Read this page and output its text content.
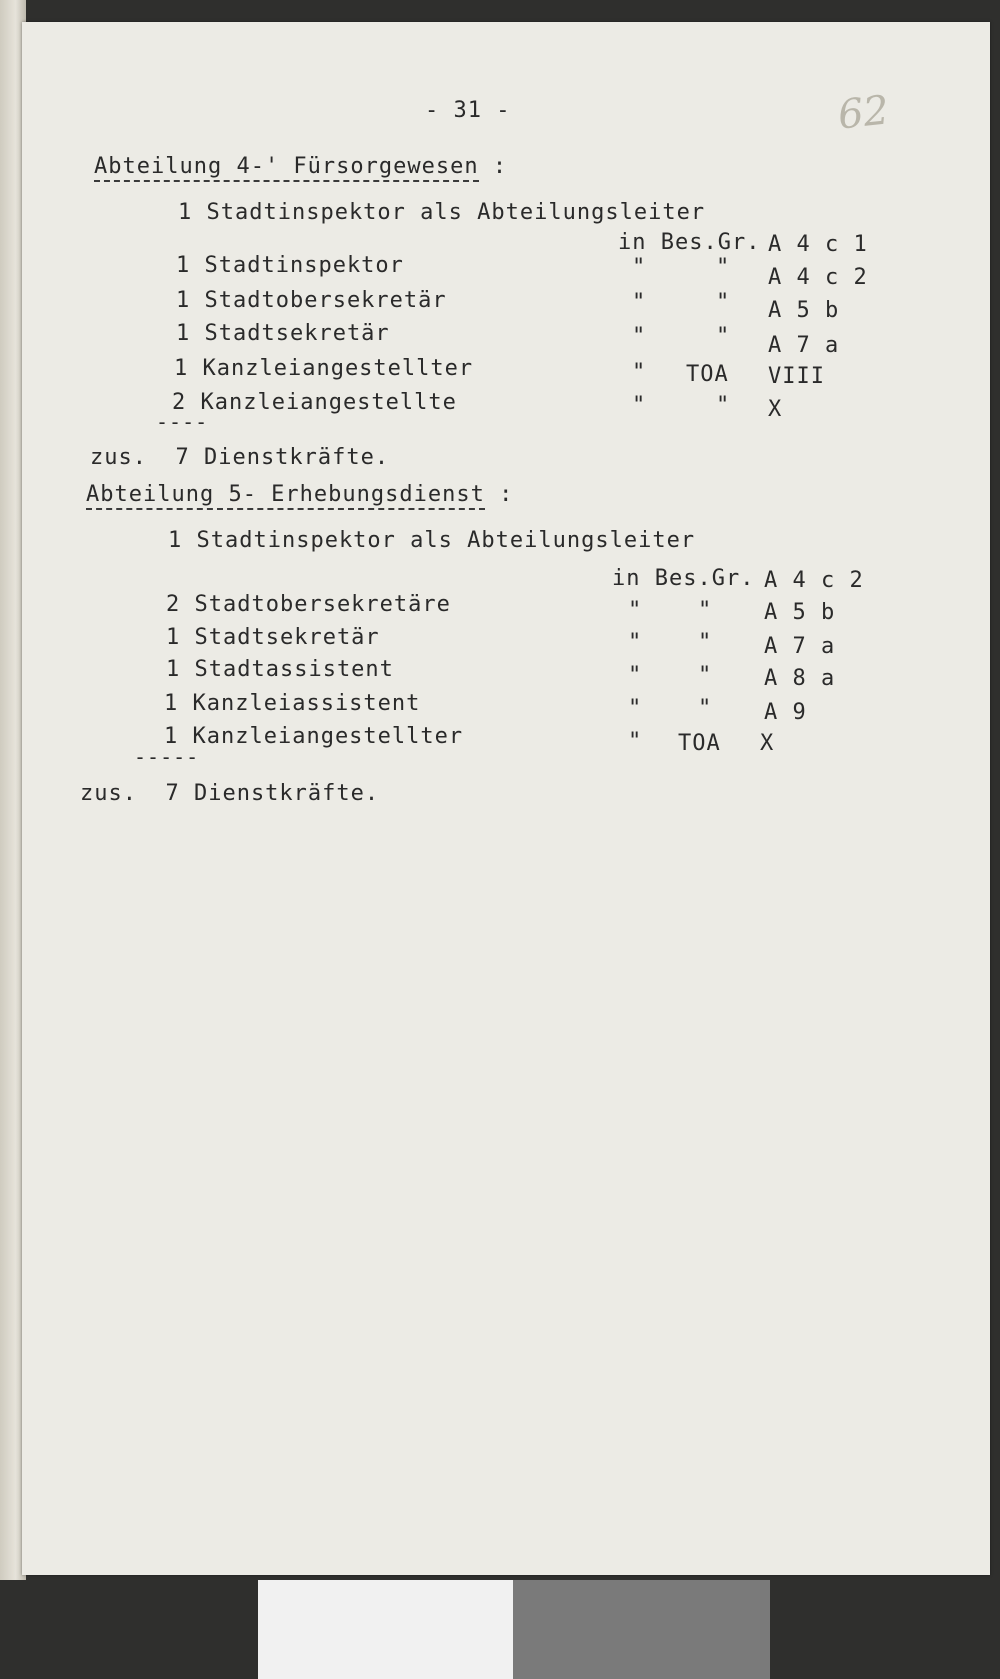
- 31 -	62
Abteilung 4-' Fürsorgewesen :
1 Stadtinspektor als Abteilungsleiter
in Bes.Gr. A 4 c 1
1 Stadtinspektor	"	" A 4 c 2
1 Stadtobersekretär	"	" A 5 b
1 Stadtsekretär	"	" A 7 a
1 Kanzleiangestellter	" TOA VIII
2 Kanzleiangestellte	"	" X
----
zus.  7 Dienstkräfte.
Abteilung 5- Erhebungsdienst :
1 Stadtinspektor als Abteilungsleiter
in Bes.Gr. A 4 c 2
2 Stadtobersekretäre	"	" A 5 b
1 Stadtsekretär	"	" A 7 a
1 Stadtassistent	"	" A 8 a
1 Kanzleiassistent	"	" A 9
1 Kanzleiangestellter	" TOA X
-----
zus.  7 Dienstkräfte.
